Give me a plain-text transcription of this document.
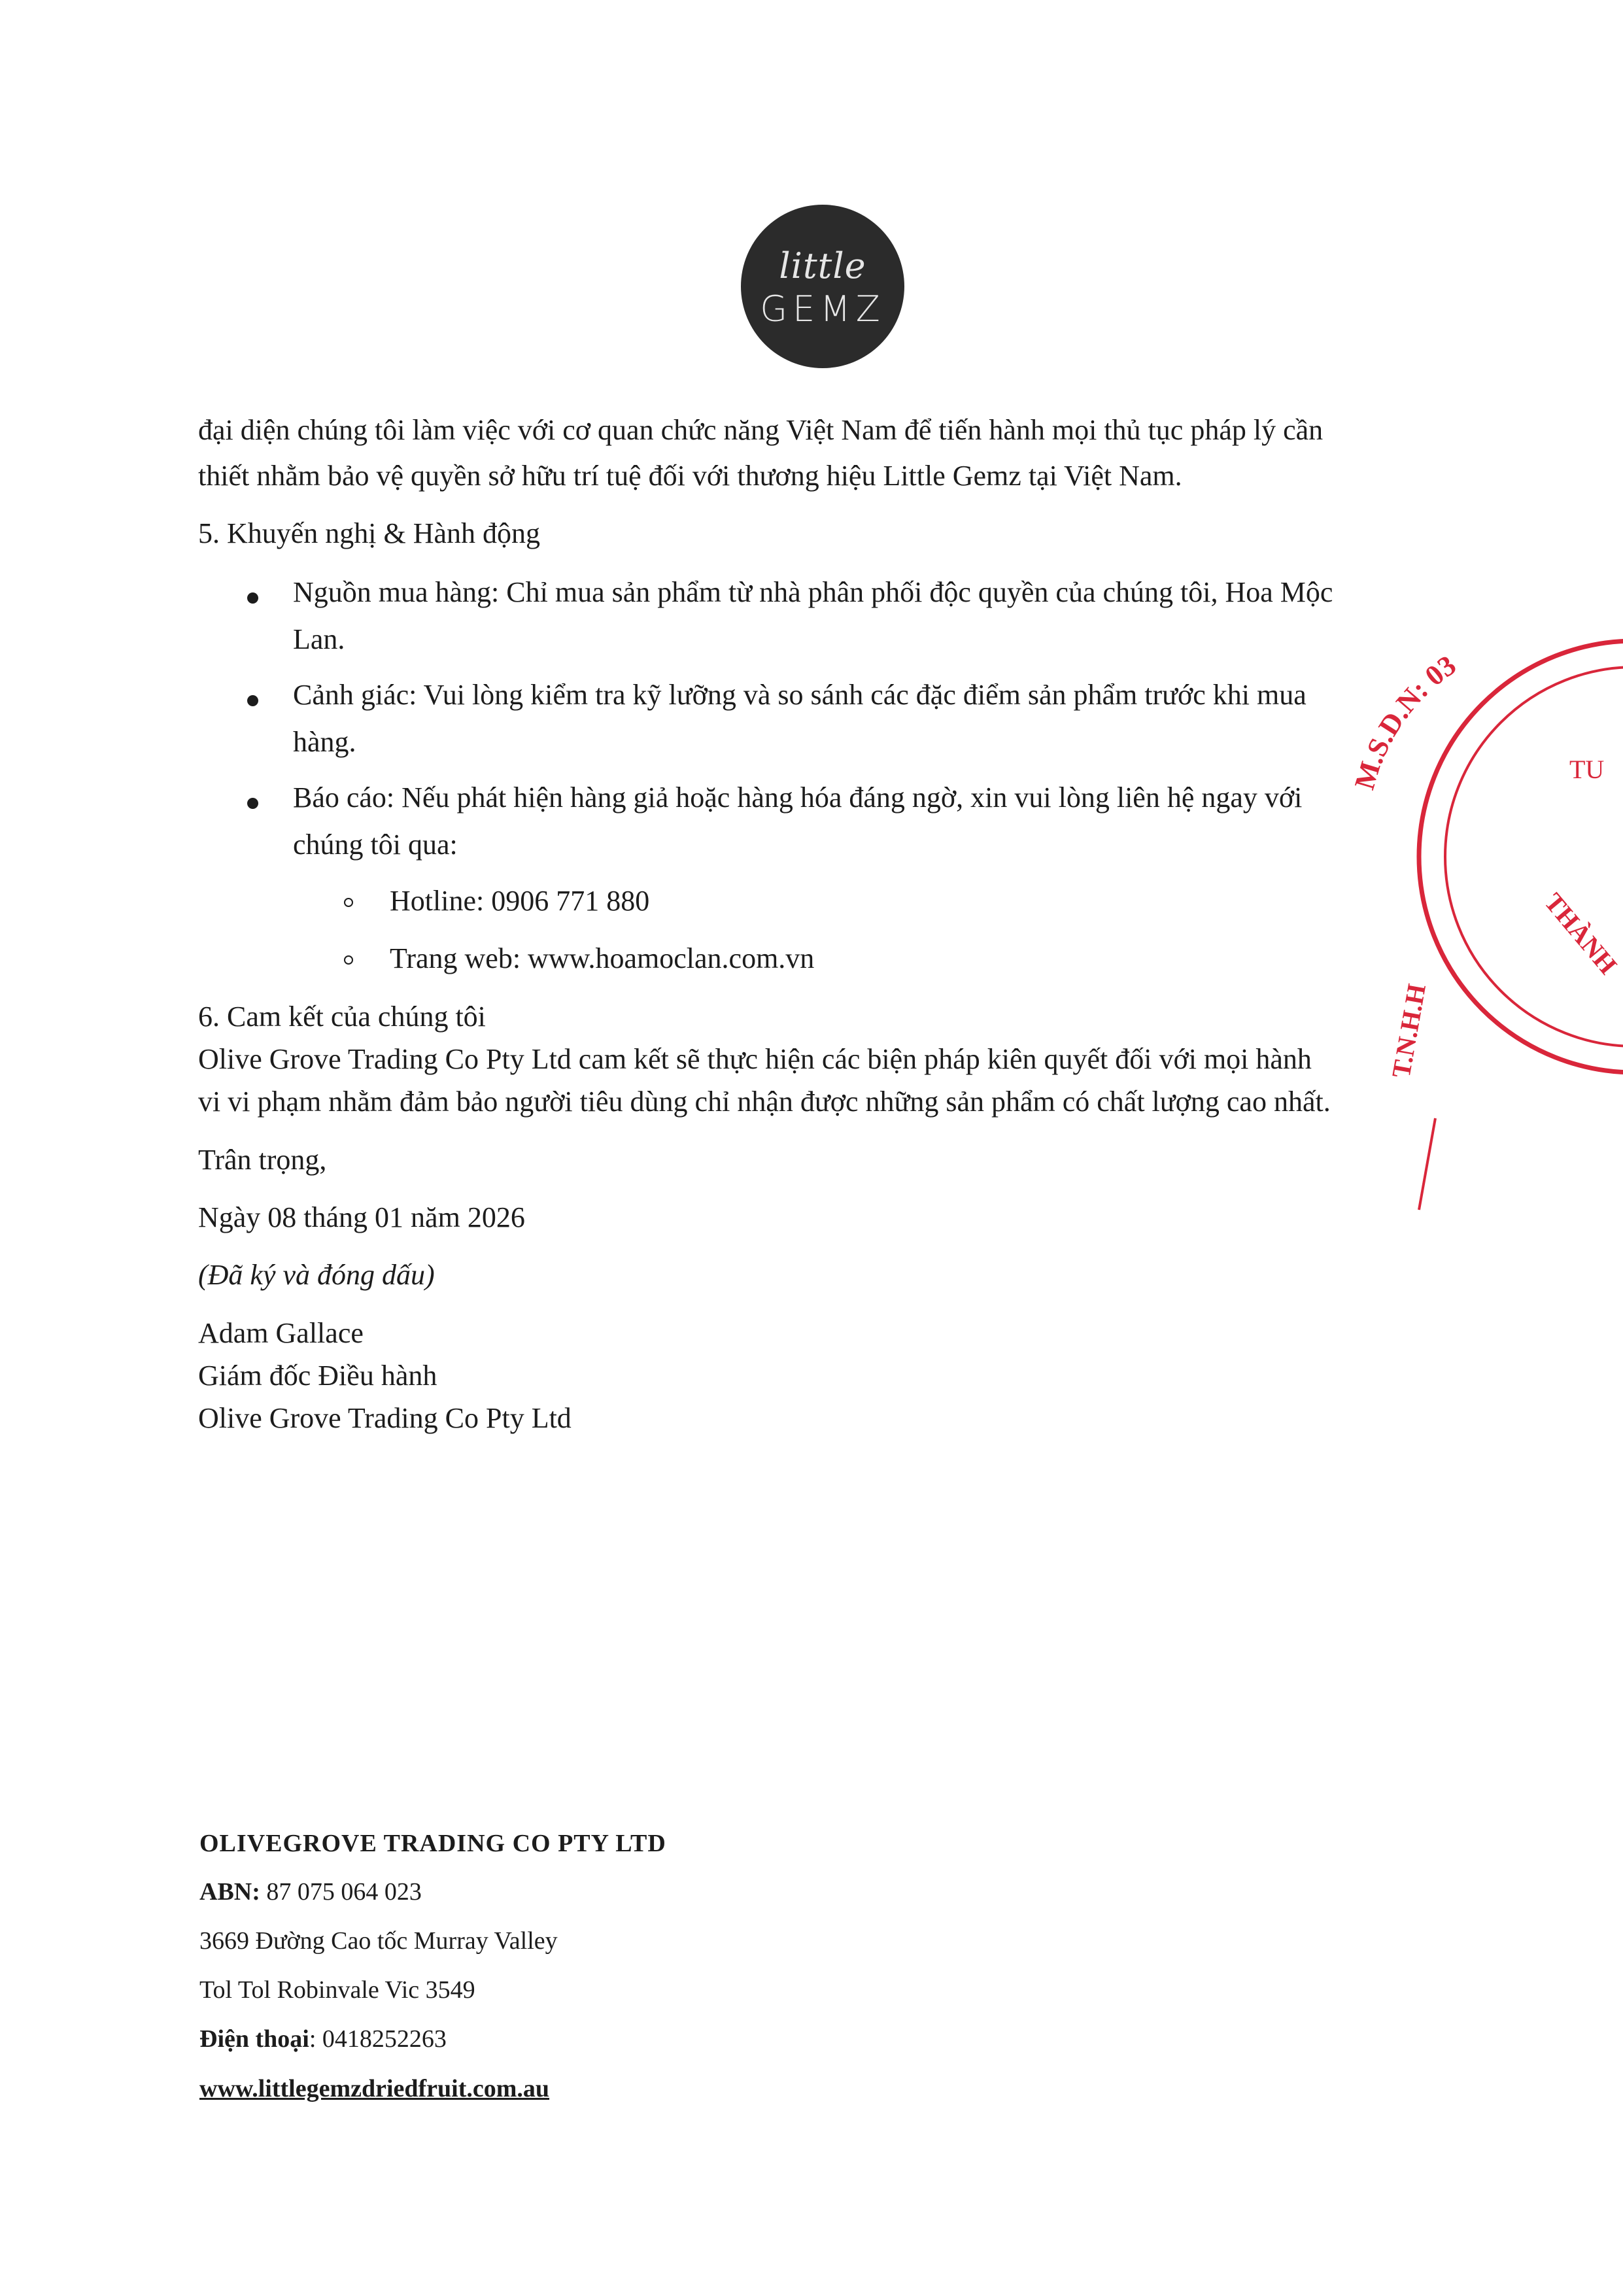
little
GEMZ
đại diện chúng tôi làm việc với cơ quan chức năng Việt Nam để tiến hành mọi thủ tục pháp lý cần
thiết nhằm bảo vệ quyền sở hữu trí tuệ đối với thương hiệu Little Gemz tại Việt Nam.
5. Khuyến nghị & Hành động
Nguồn mua hàng: Chỉ mua sản phẩm từ nhà phân phối độc quyền của chúng tôi, Hoa Mộc
Lan.
Cảnh giác: Vui lòng kiểm tra kỹ lưỡng và so sánh các đặc điểm sản phẩm trước khi mua
hàng.
Báo cáo: Nếu phát hiện hàng giả hoặc hàng hóa đáng ngờ, xin vui lòng liên hệ ngay với
chúng tôi qua:
Hotline: 0906 771 880
Trang web: www.hoamoclan.com.vn
6. Cam kết của chúng tôi
Olive Grove Trading Co Pty Ltd cam kết sẽ thực hiện các biện pháp kiên quyết đối với mọi hành
vi vi phạm nhằm đảm bảo người tiêu dùng chỉ nhận được những sản phẩm có chất lượng cao nhất.
Trân trọng,
Ngày 08 tháng 01 năm 2026
(Đã ký và đóng dấu)
Adam Gallace
Giám đốc Điều hành
Olive Grove Trading Co Pty Ltd
OLIVEGROVE TRADING CO PTY LTD
ABN: 87 075 064 023
3669 Đường Cao tốc Murray Valley
Tol Tol Robinvale Vic 3549
Điện thoại: 0418252263
www.littlegemzdriedfruit.com.au
M.S.D.N: 03
TU
THÀNH
T.N.H.H
